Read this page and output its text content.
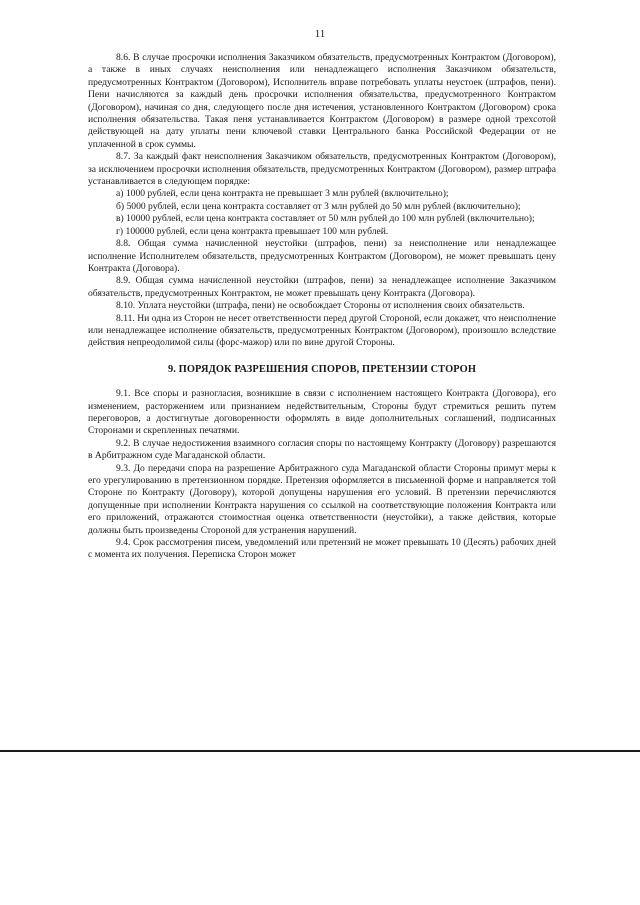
11

8.6. В случае просрочки исполнения Заказчиком обязательств, предусмотренных Контрактом (Договором), а также в иных случаях неисполнения или ненадлежащего исполнения Заказчиком обязательств, предусмотренных Контрактом (Договором), Исполнитель вправе потребовать уплаты неустоек (штрафов, пени). Пени начисляются за каждый день просрочки исполнения обязательства, предусмотренного Контрактом (Договором), начиная со дня, следующего после дня истечения, установленного Контрактом (Договором) срока исполнения обязательства. Такая пеня устанавливается Контрактом (Договором) в размере одной трехсотой действующей на дату уплаты пени ключевой ставки Центрального банка Российской Федерации от не уплаченной в срок суммы.

8.7. За каждый факт неисполнения Заказчиком обязательств, предусмотренных Контрактом (Договором), за исключением просрочки исполнения обязательств, предусмотренных Контрактом (Договором), размер штрафа устанавливается в следующем порядке:

а) 1000 рублей, если цена контракта не превышает 3 млн рублей (включительно);

б) 5000 рублей, если цена контракта составляет от 3 млн рублей до 50 млн рублей (включительно);

в) 10000 рублей, если цена контракта составляет от 50 млн рублей до 100 млн рублей (включительно);

г) 100000 рублей, если цена контракта превышает 100 млн рублей.

8.8. Общая сумма начисленной неустойки (штрафов, пени) за неисполнение или ненадлежащее исполнение Исполнителем обязательств, предусмотренных Контрактом (Договором), не может превышать цену Контракта (Договора).

8.9. Общая сумма начисленной неустойки (штрафов, пени) за ненадлежащее исполнение Заказчиком обязательств, предусмотренных Контрактом, не может превышать цену Контракта (Договора).

8.10. Уплата неустойки (штрафа, пени) не освобождает Стороны от исполнения своих обязательств.

8.11. Ни одна из Сторон не несет ответственности перед другой Стороной, если докажет, что неисполнение или ненадлежащее исполнение обязательств, предусмотренных Контрактом (Договором), произошло вследствие действия непреодолимой силы (форс-мажор) или по вине другой Стороны.

9. ПОРЯДОК РАЗРЕШЕНИЯ СПОРОВ, ПРЕТЕНЗИИ СТОРОН

9.1. Все споры и разногласия, возникшие в связи с исполнением настоящего Контракта (Договора), его изменением, расторжением или признанием недействительным, Стороны будут стремиться решить путем переговоров, а достигнутые договоренности оформлять в виде дополнительных соглашений, подписанных Сторонами и скрепленных печатями.

9.2. В случае недостижения взаимного согласия споры по настоящему Контракту (Договору) разрешаются в Арбитражном суде Магаданской области.

9.3. До передачи спора на разрешение Арбитражного суда Магаданской области Стороны примут меры к его урегулированию в претензионном порядке. Претензия оформляется в письменной форме и направляется той Стороне по Контракту (Договору), которой допущены нарушения его условий. В претензии перечисляются допущенные при исполнении Контракта нарушения со ссылкой на соответствующие положения Контракта или его приложений, отражаются стоимостная оценка ответственности (неустойки), а также действия, которые должны быть произведены Стороной для устранения нарушений.

9.4. Срок рассмотрения писем, уведомлений или претензий не может превышать 10 (Десять) рабочих дней с момента их получения. Переписка Сторон может
